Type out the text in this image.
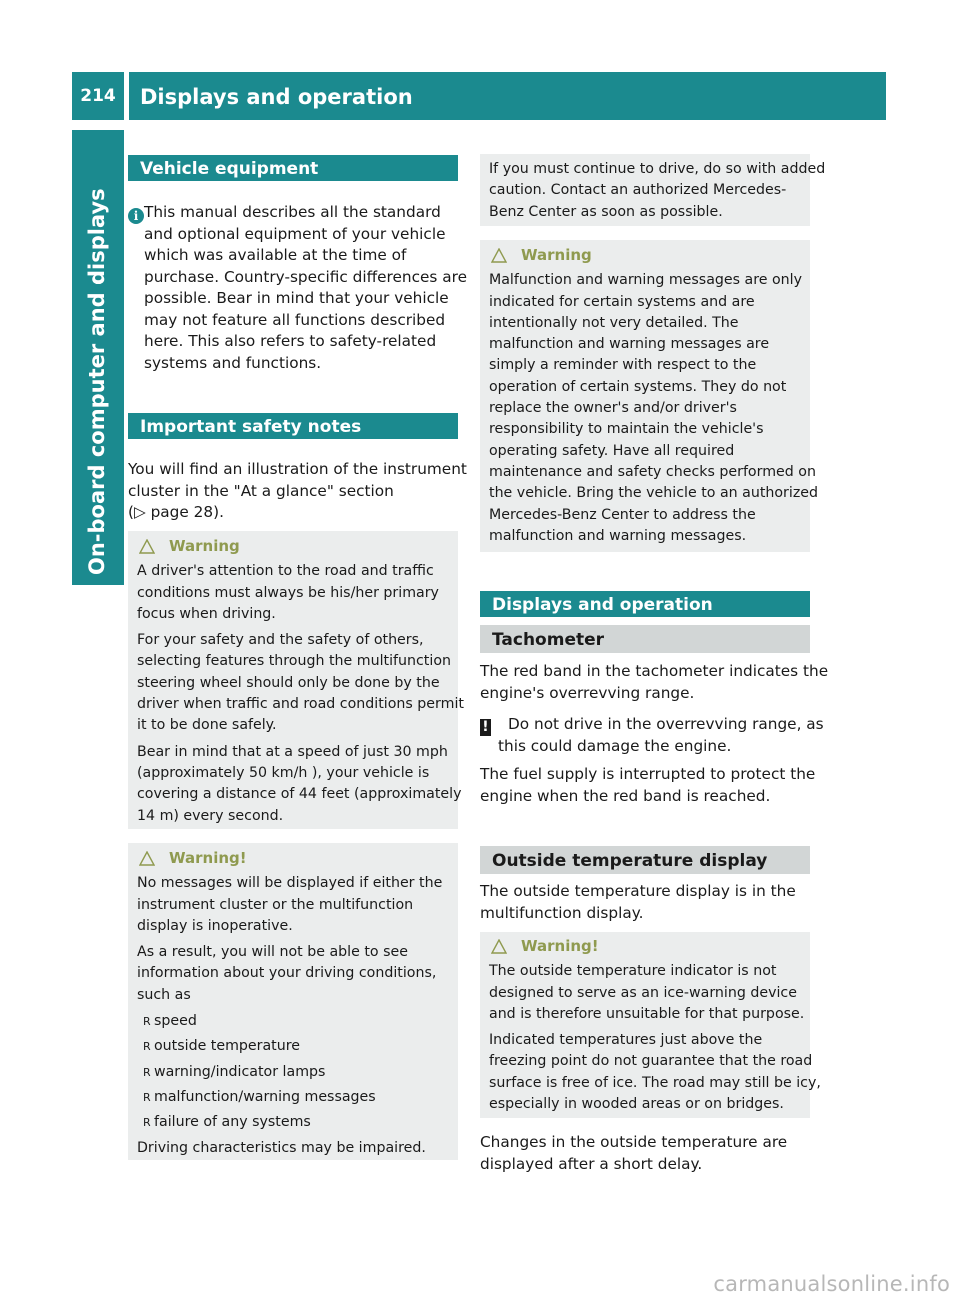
214	Displays and operation
On-board computer and displays
Vehicle equipment
i This manual describes all the standard
and optional equipment of your vehicle
which was available at the time of
purchase. Country-specific differences are
possible. Bear in mind that your vehicle
may not feature all functions described
here. This also refers to safety-related
systems and functions.
Important safety notes
You will find an illustration of the instrument
cluster in the "At a glance" section
(▷ page 28).
Warning
A driver's attention to the road and traffic
conditions must always be his/her primary
focus when driving.
For your safety and the safety of others,
selecting features through the multifunction
steering wheel should only be done by the
driver when traffic and road conditions permit
it to be done safely.
Bear in mind that at a speed of just 30 mph
(approximately 50 km/h ), your vehicle is
covering a distance of 44 feet (approximately
14 m) every second.
Warning!
No messages will be displayed if either the
instrument cluster or the multifunction
display is inoperative.
As a result, you will not be able to see
information about your driving conditions,
such as
R speed
R outside temperature
R warning/indicator lamps
R malfunction/warning messages
R failure of any systems
Driving characteristics may be impaired.
If you must continue to drive, do so with added
caution. Contact an authorized Mercedes-
Benz Center as soon as possible.
Warning
Malfunction and warning messages are only
indicated for certain systems and are
intentionally not very detailed. The
malfunction and warning messages are
simply a reminder with respect to the
operation of certain systems. They do not
replace the owner's and/or driver's
responsibility to maintain the vehicle's
operating safety. Have all required
maintenance and safety checks performed on
the vehicle. Bring the vehicle to an authorized
Mercedes-Benz Center to address the
malfunction and warning messages.
Displays and operation
Tachometer
The red band in the tachometer indicates the
engine's overrevving range.
!	Do not drive in the overrevving range, as
this could damage the engine.
The fuel supply is interrupted to protect the
engine when the red band is reached.
Outside temperature display
The outside temperature display is in the
multifunction display.
Warning!
The outside temperature indicator is not
designed to serve as an ice-warning device
and is therefore unsuitable for that purpose.
Indicated temperatures just above the
freezing point do not guarantee that the road
surface is free of ice. The road may still be icy,
especially in wooded areas or on bridges.
Changes in the outside temperature are
displayed after a short delay.
carmanualsonline.info
